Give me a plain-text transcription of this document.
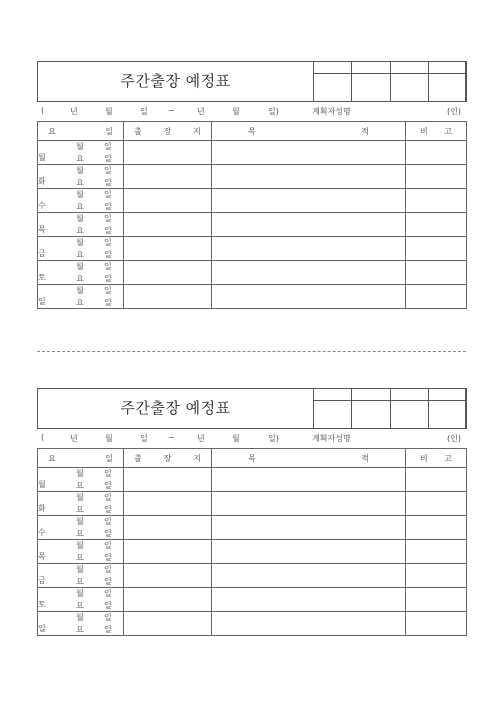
주간출장 예정표

(	년	월	일	~	년	월	일)	계획자성명	(인)
요 일	출 장 지	목 적	비 고

월
월 일
요 일			

화
월 일
요 일			

수
월 일
요 일			

목
월 일
요 일			

금
월 일
요 일			

토
월 일
요 일			

일
월 일
요 일			

주간출장 예정표

(	년	월	일	~	년	월	일)	계획자성명	(인)
요 일	출 장 지	목 적	비 고

월
월 일
요 일			

화
월 일
요 일			

수
월 일
요 일			

목
월 일
요 일			

금
월 일
요 일			

토
월 일
요 일			

일
월 일
요 일			
